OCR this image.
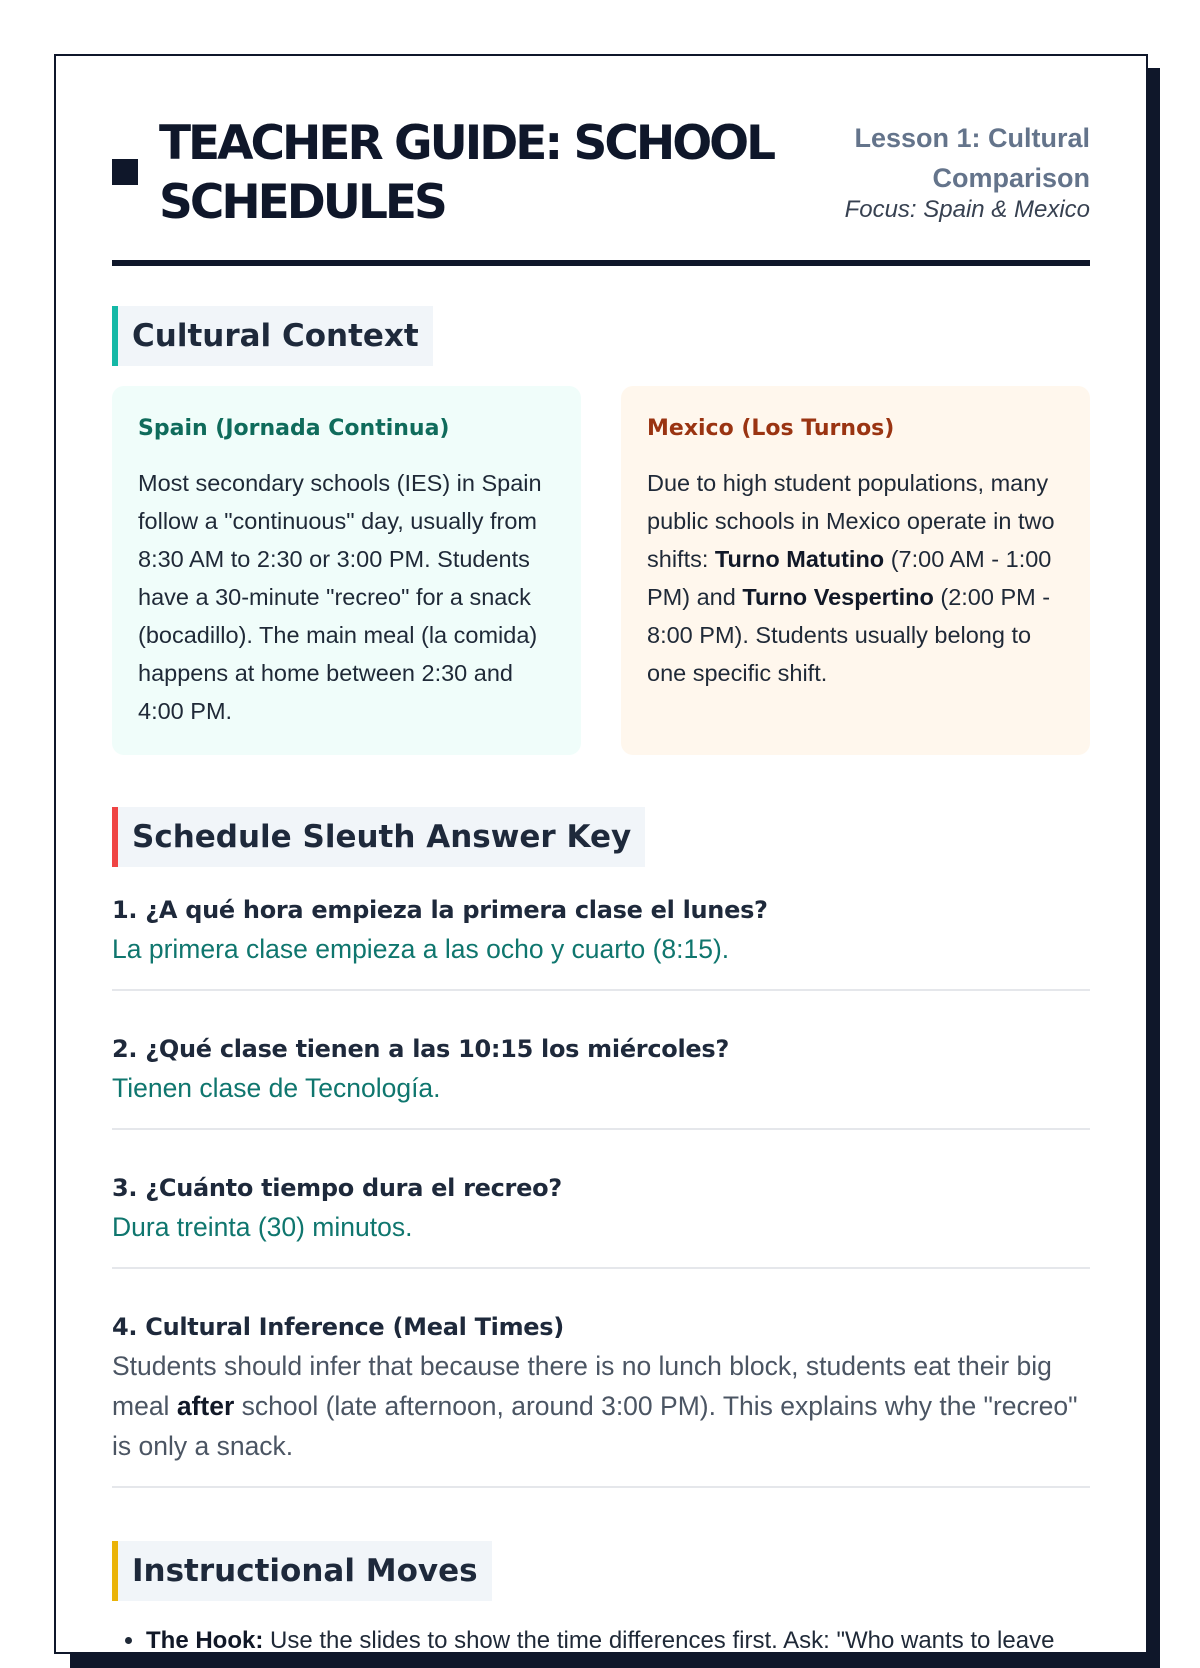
TEACHER GUIDE: SCHOOL SCHEDULES
Lesson 1: Cultural Comparison
Focus: Spain & Mexico
Cultural Context
Spain (Jornada Continua)

Most secondary schools (IES) in Spain follow a "continuous" day, usually from 8:30 AM to 2:30 or 3:00 PM. Students have a 30-minute "recreo" for a snack (bocadillo). The main meal (la comida) happens at home between 2:30 and 4:00 PM.

Mexico (Los Turnos)

Due to high student populations, many public schools in Mexico operate in two shifts: Turno Matutino (7:00 AM - 1:00 PM) and Turno Vespertino (2:00 PM - 8:00 PM). Students usually belong to one specific shift.

Schedule Sleuth Answer Key
1. ¿A qué hora empieza la primera clase el lunes?
La primera clase empieza a las ocho y cuarto (8:15).
2. ¿Qué clase tienen a las 10:15 los miércoles?
Tienen clase de Tecnología.
3. ¿Cuánto tiempo dura el recreo?
Dura treinta (30) minutos.
4. Cultural Inference (Meal Times)
Students should infer that because there is no lunch block, students eat their big meal after school (late afternoon, around 3:00 PM). This explains why the "recreo" is only a snack.
Instructional Moves
• The Hook: Use the slides to show the time differences first. Ask: "Who wants to leave
